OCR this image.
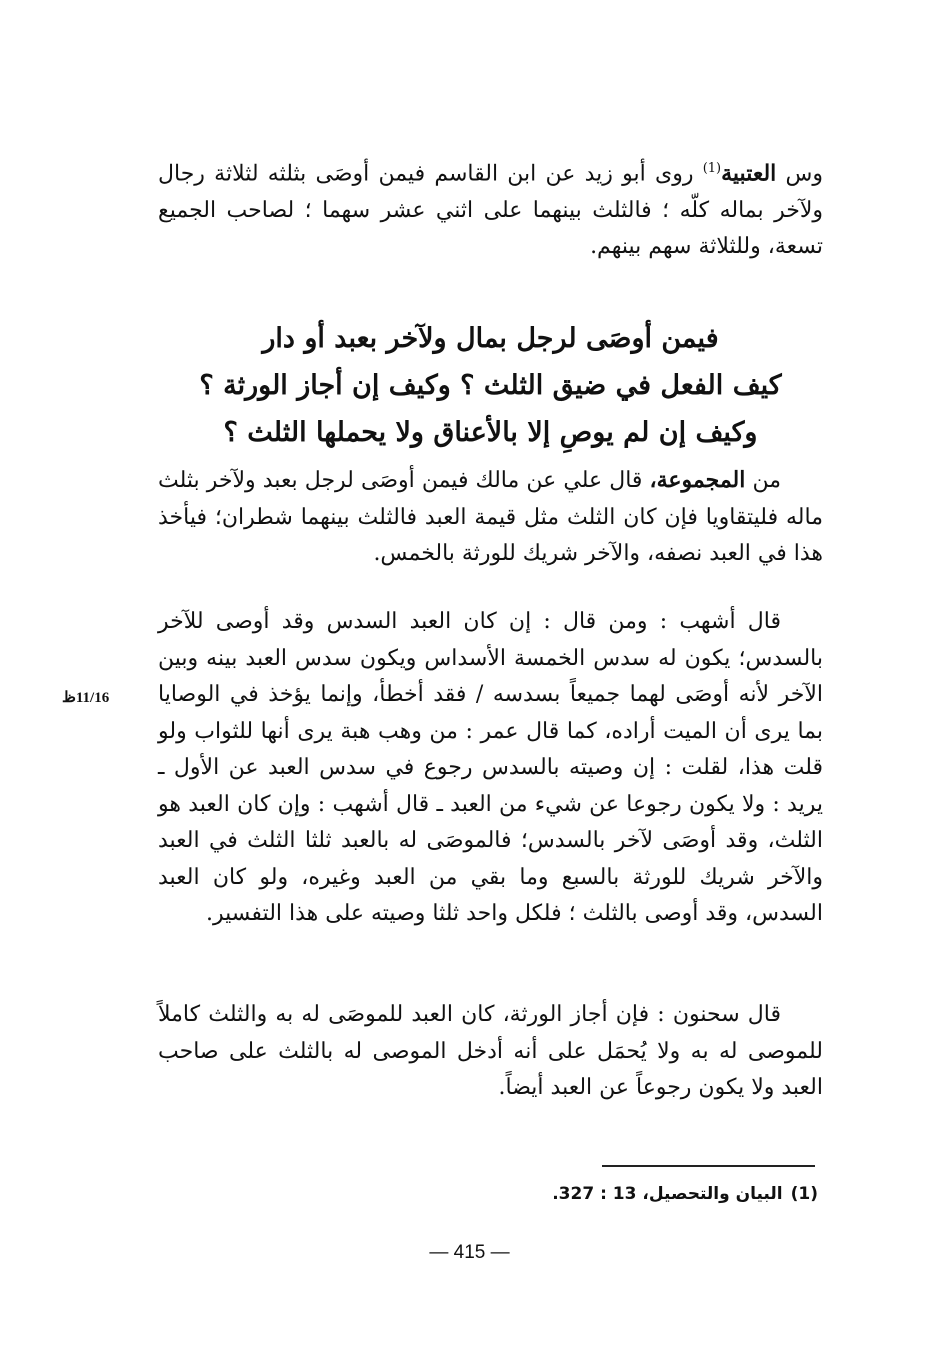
وس العتبية$^{(1)}$ روى أبو زيد عن ابن القاسم فيمن أوصَى بثلثه لثلاثة رجال ولآخر بماله كلّه ؛ فالثلث بينهما على اثني عشر سهما ؛ لصاحب الجميع تسعة، وللثلاثة سهم بينهم.

فيمن أوصَى لرجل بمال ولآخر بعبد أو دار
كيف الفعل في ضيق الثلث ؟ وكيف إن أجاز الورثة ؟
وكيف إن لم يوصِ إلا بالأعناق ولا يحملها الثلث ؟

من المجموعة، قال علي عن مالك فيمن أوصَى لرجل بعبد ولآخر بثلث ماله فليتقاويا فإن كان الثلث مثل قيمة العبد فالثلث بينهما شطران؛ فيأخذ هذا في العبد نصفه، والآخر شريك للورثة بالخمس.

قال أشهب : ومن قال : إن كان العبد السدس وقد أوصى للآخر بالسدس؛ يكون له سدس الخمسة الأسداس ويكون سدس العبد بينه وبين الآخر لأنه أوصَى لهما جميعاً بسدسه / فقد أخطأ، وإنما يؤخذ في الوصايا بما يرى أن الميت أراده، كما قال عمر : من وهب هبة يرى أنها للثواب ولو قلت هذا، لقلت : إن وصيته بالسدس رجوع في سدس العبد عن الأول ـ يريد : ولا يكون رجوعا عن شيء من العبد ـ قال أشهب : وإن كان العبد هو الثلث، وقد أوصَى لآخر بالسدس؛ فالموصَى له بالعبد ثلثا الثلث في العبد والآخر شريك للورثة بالسبع وما بقي من العبد وغيره، ولو كان العبد السدس، وقد أوصى بالثلث ؛ فلكل واحد ثلثا وصيته على هذا التفسير.

قال سحنون : فإن أجاز الورثة، كان العبد للموصَى له به والثلث كاملاً للموصى له به ولا يُحمَل على أنه أدخل الموصى له بالثلث على صاحب العبد ولا يكون رجوعاً عن العبد أيضاً.

11/16ظ
(1)البيان والتحصيل، 13 : 327.
— 415 —
